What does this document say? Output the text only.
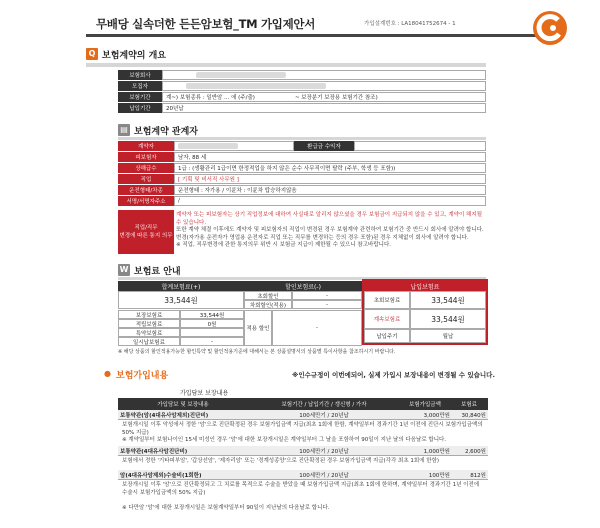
무배당 실속더한 든든암보험_TM 가입제안서	가입설계번호 : LA18041752674 - 1
Q 보험계약의 개요
보험회사
모집자
보험기간	계~) 보험종류 : 일반암 ... 에 (주/출)	~ 보장분기 보장용 보험기간 참조)
납입기간	20년납
▤ 보험계약 관계자
계약자	환급금 수익자
피보험자	남자, 88 세
상해급수	1급 : (생활관리 1급이면 한정적업을 하지 않은 순수 사무직이면 탈락 (주부, 학생 등 포함))
직업	[ 기획 및 비서직 사무원 ]
운전형태/차종	운전형태 : 자가용 / 이륜차 : 이륜차 탑승하지않음
서명/서명자주소	/
직업/직무
변경에 따른 통지 의무
계약자 또는 피보험자는 상기 직업정보에 대하여 사실대로 알리지 않으셨을 경우 보험금이 지급되지 않을 수 있고, 계약이 해지될 수 있습니다.
또한 계약 체결 이후에도 계약자 및 피보험자의 직업이 변경된 경우 보험계약 관련하여 보험기간 중 반드시 회사에 알려야 합니다.
변경(자가용 운전자가 영업용 운전자로 직업 또는 직무를 변경하는 등의 경우 포함)된 경우 지체없이 회사에 알려야 합니다.
※ 직업, 직무변경에 관한 통지의무 위반 시 보험금 지급이 제한될 수 있으니 참고바랍니다.
W 보험료 안내
합계보험료(+)
33,544원
할인보험료(-)
초회할인	-
차회할인(적용)	-
보장보험료	33,544원
적립보험료	0원
특약보험료
일시납보험료	-
적용 할인	-
납입보험료
초회보험료	33,544원
계속보험료	33,544원
납입주기	월납
※ 해당 상품의 할인적용가능한 할인특약 및 할인적용기준에 대해서는 본 상품설명서의 상품별 특이사항을 참조하시기 바랍니다.
● 보험가입내용	※인수규정이 이번에되어, 실제 가입시 보장내용이 변경될 수 있습니다.
가입담보 보장내용
가입담보 및 보장내용	보험기간 / 납입기간 / 갱신형 / 가자	보험가입금액	보험료
보통약관(암(4대유사암제외)진단비)	100세만기 / 20년납	3,000만원	30,840원
보험개시일 이후 악성에서 정한 '암'으로 진단확정된 경우 보험가입금액 지급(최초 1회에 한함, 계약일부터 경과기간 1년 이전에 진단시 보험가입금액의 50% 지급)
※ 계약일부터 보험나이인 15세 미성인 경우 '암'에 대한 보장개시일은 계약일부터 그 날을 포함하여 90일이 지난 날의 다음날로 합니다.
보통약관(4대유사암진단비)	100세만기 / 20년납	1,000만원	2,600원
보험에서 정한 '기타피부암', '갑상선암', '제자리암' 또는 '경계성종양'으로 진단확정된 경우 보험가입금액 지급(각각 최초 1회에 한함)
암(4대유사암제외)수술비(1회한)	100세만기 / 20년납	100만원	812원
보장개시일 이후 '암'으로 진단확정되고 그 치료를 목적으로 수술을 받았을 때 보험가입금액 지급(최초 1회에 한하며, 계약일부터 경과기간 1년 이전에 수술시 보험가입금액의 50% 지급)
※ 다만암 '암'에 대한 보장개시일은 보험계약일부터 90일이 지난날의 다음날로 합니다.
